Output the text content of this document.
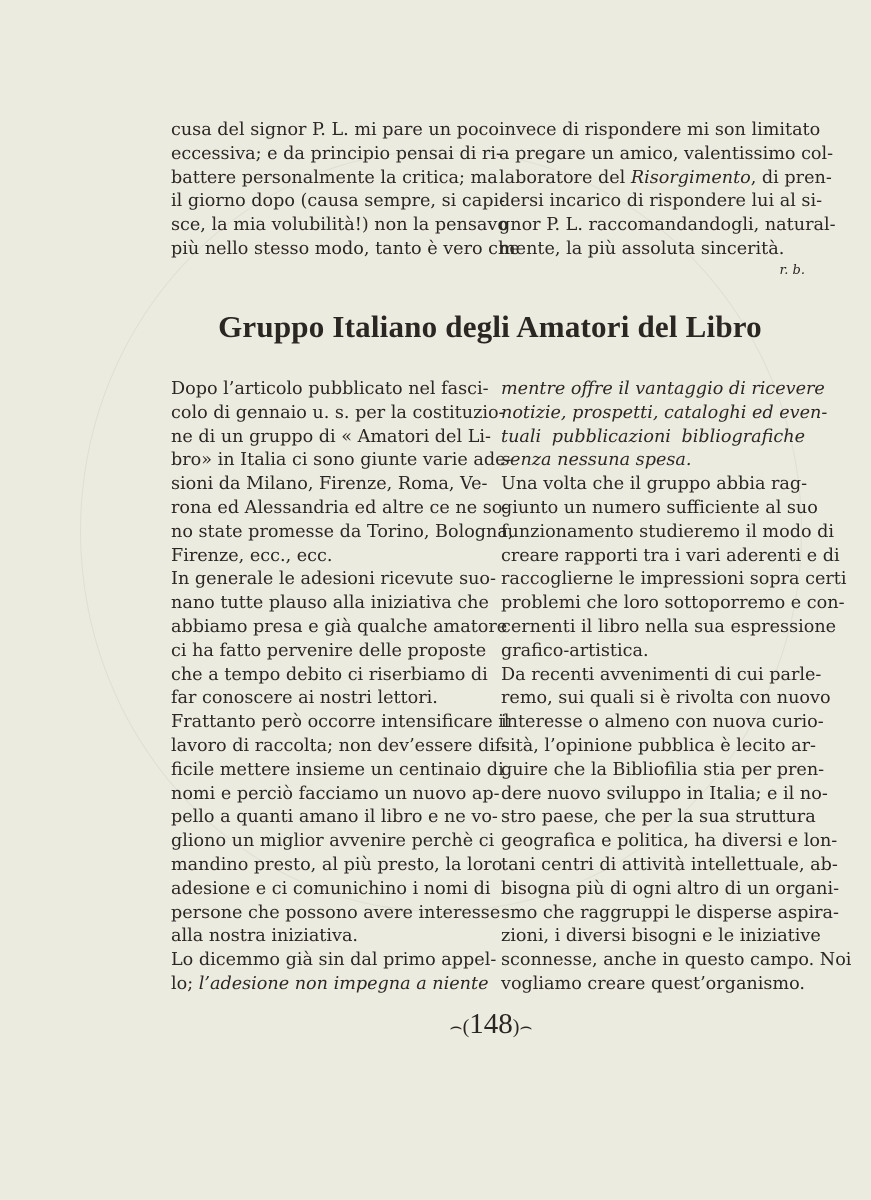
cusa del signor P. L. mi pare un poco
eccessiva; e da principio pensai di ri-
battere personalmente la critica; ma
il giorno dopo (causa sempre, si capi-
sce, la mia volubilità!) non la pensavo
più nello stesso modo, tanto è vero che
invece di rispondere mi son limitato
a pregare un amico, valentissimo col-
laboratore del Risorgimento, di pren-
dersi incarico di rispondere lui al si-
gnor P. L. raccomandandogli, natural-
mente, la più assoluta sincerità.
r. b.
Gruppo Italiano degli Amatori del Libro
Dopo l’articolo pubblicato nel fasci-
colo di gennaio u. s. per la costituzio-
ne di un gruppo di « Amatori del Li-
bro» in Italia ci sono giunte varie ade-
sioni da Milano, Firenze, Roma, Ve-
rona ed Alessandria ed altre ce ne so-
no state promesse da Torino, Bologna,
Firenze, ecc., ecc.
In generale le adesioni ricevute suo-
nano tutte plauso alla iniziativa che
abbiamo presa e già qualche amatore
ci ha fatto pervenire delle proposte
che a tempo debito ci riserbiamo di
far conoscere ai nostri lettori.
Frattanto però occorre intensificare il
lavoro di raccolta; non dev’essere dif-
ficile mettere insieme un centinaio di
nomi e perciò facciamo un nuovo ap-
pello a quanti amano il libro e ne vo-
gliono un miglior avvenire perchè ci
mandino presto, al più presto, la loro
adesione e ci comunichino i nomi di
persone che possono avere interesse
alla nostra iniziativa.
Lo dicemmo già sin dal primo appel-
lo; l’adesione non impegna a niente
mentre offre il vantaggio di ricevere
notizie, prospetti, cataloghi ed even-
tuali pubblicazioni bibliografiche
senza nessuna spesa.
Una volta che il gruppo abbia rag-
giunto un numero sufficiente al suo
funzionamento studieremo il modo di
creare rapporti tra i vari aderenti e di
raccoglierne le impressioni sopra certi
problemi che loro sottoporremo e con-
cernenti il libro nella sua espressione
grafico-artistica.
Da recenti avvenimenti di cui parle-
remo, sui quali si è rivolta con nuovo
interesse o almeno con nuova curio-
sità, l’opinione pubblica è lecito ar-
guire che la Bibliofilia stia per pren-
dere nuovo sviluppo in Italia; e il no-
stro paese, che per la sua struttura
geografica e politica, ha diversi e lon-
tani centri di attività intellettuale, ab-
bisogna più di ogni altro di un organi-
smo che raggruppi le disperse aspira-
zioni, i diversi bisogni e le iniziative
sconnesse, anche in questo campo. Noi
vogliamo creare quest’organismo.
⌢(148)⌢
